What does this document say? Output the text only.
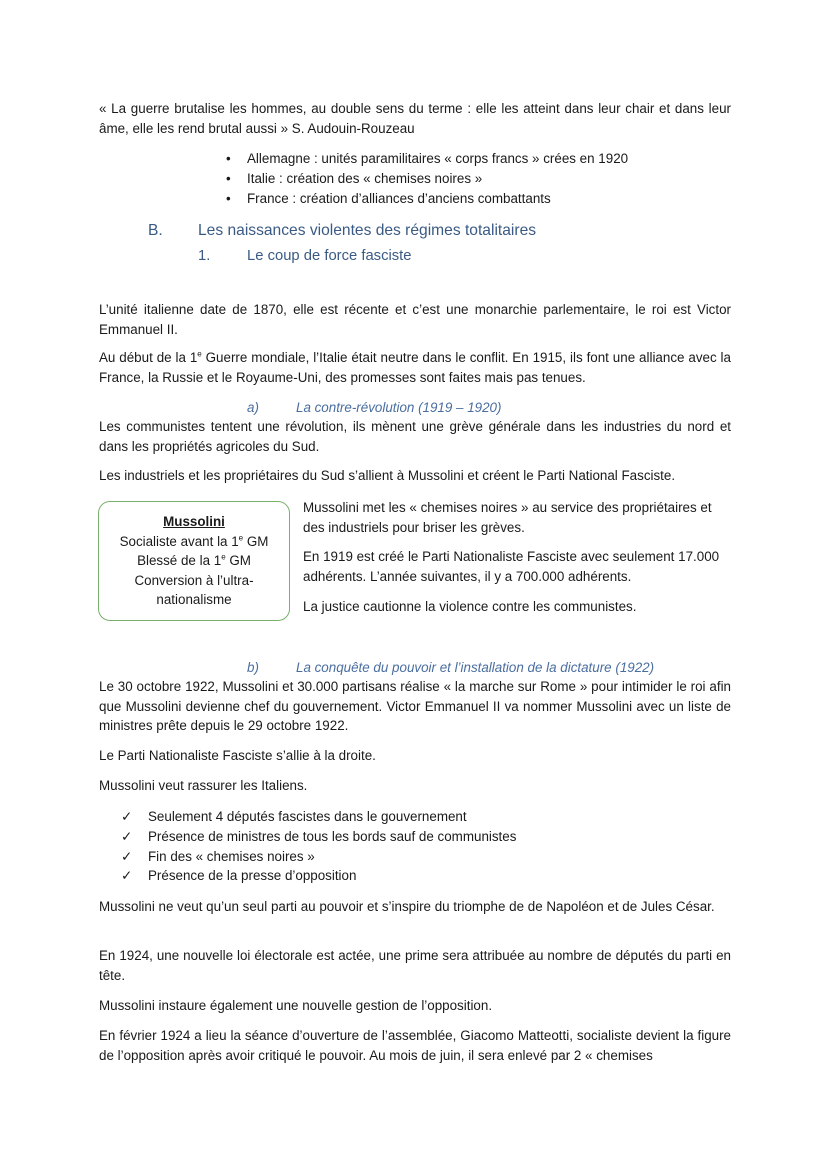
« La guerre brutalise les hommes, au double sens du terme : elle les atteint dans leur chair et dans leur âme, elle les rend brutal aussi » S. Audouin-Rouzeau
• Allemagne : unités paramilitaires « corps francs » crées en 1920
• Italie : création des « chemises noires »
• France : création d’alliances d’anciens combattants
B. Les naissances violentes des régimes totalitaires
1. Le coup de force fasciste
L’unité italienne date de 1870, elle est récente et c’est une monarchie parlementaire, le roi est Victor Emmanuel II.
Au début de la 1e Guerre mondiale, l’Italie était neutre dans le conflit. En 1915, ils font une alliance avec la France, la Russie et le Royaume-Uni, des promesses sont faites mais pas tenues.
a)	La contre-révolution (1919 – 1920)
Les communistes tentent une révolution, ils mènent une grève générale dans les industries du nord et dans les propriétés agricoles du Sud.
Les industriels et les propriétaires du Sud s’allient à Mussolini et créent le Parti National Fasciste.
Mussolini
Socialiste avant la 1e GM
Blessé de la 1e GM
Conversion à l’ultra-
nationalisme
Mussolini met les « chemises noires » au service des propriétaires et des industriels pour briser les grèves.
En 1919 est créé le Parti Nationaliste Fasciste avec seulement 17.000 adhérents. L’année suivantes, il y a 700.000 adhérents.
La justice cautionne la violence contre les communistes.
b)	La conquête du pouvoir et l’installation de la dictature (1922)
Le 30 octobre 1922, Mussolini et 30.000 partisans réalise « la marche sur Rome » pour intimider le roi afin que Mussolini devienne chef du gouvernement. Victor Emmanuel II va nommer Mussolini avec un liste de ministres prête depuis le 29 octobre 1922.
Le Parti Nationaliste Fasciste s’allie à la droite.
Mussolini veut rassurer les Italiens.
✓ Seulement 4 députés fascistes dans le gouvernement
✓ Présence de ministres de tous les bords sauf de communistes
✓ Fin des « chemises noires »
✓ Présence de la presse d’opposition
Mussolini ne veut qu’un seul parti au pouvoir et s’inspire du triomphe de de Napoléon et de Jules César.
En 1924, une nouvelle loi électorale est actée, une prime sera attribuée au nombre de députés du parti en tête.
Mussolini instaure également une nouvelle gestion de l’opposition.
En février 1924 a lieu la séance d’ouverture de l’assemblée, Giacomo Matteotti, socialiste devient la figure de l’opposition après avoir critiqué le pouvoir. Au mois de juin, il sera enlevé par 2 « chemises
